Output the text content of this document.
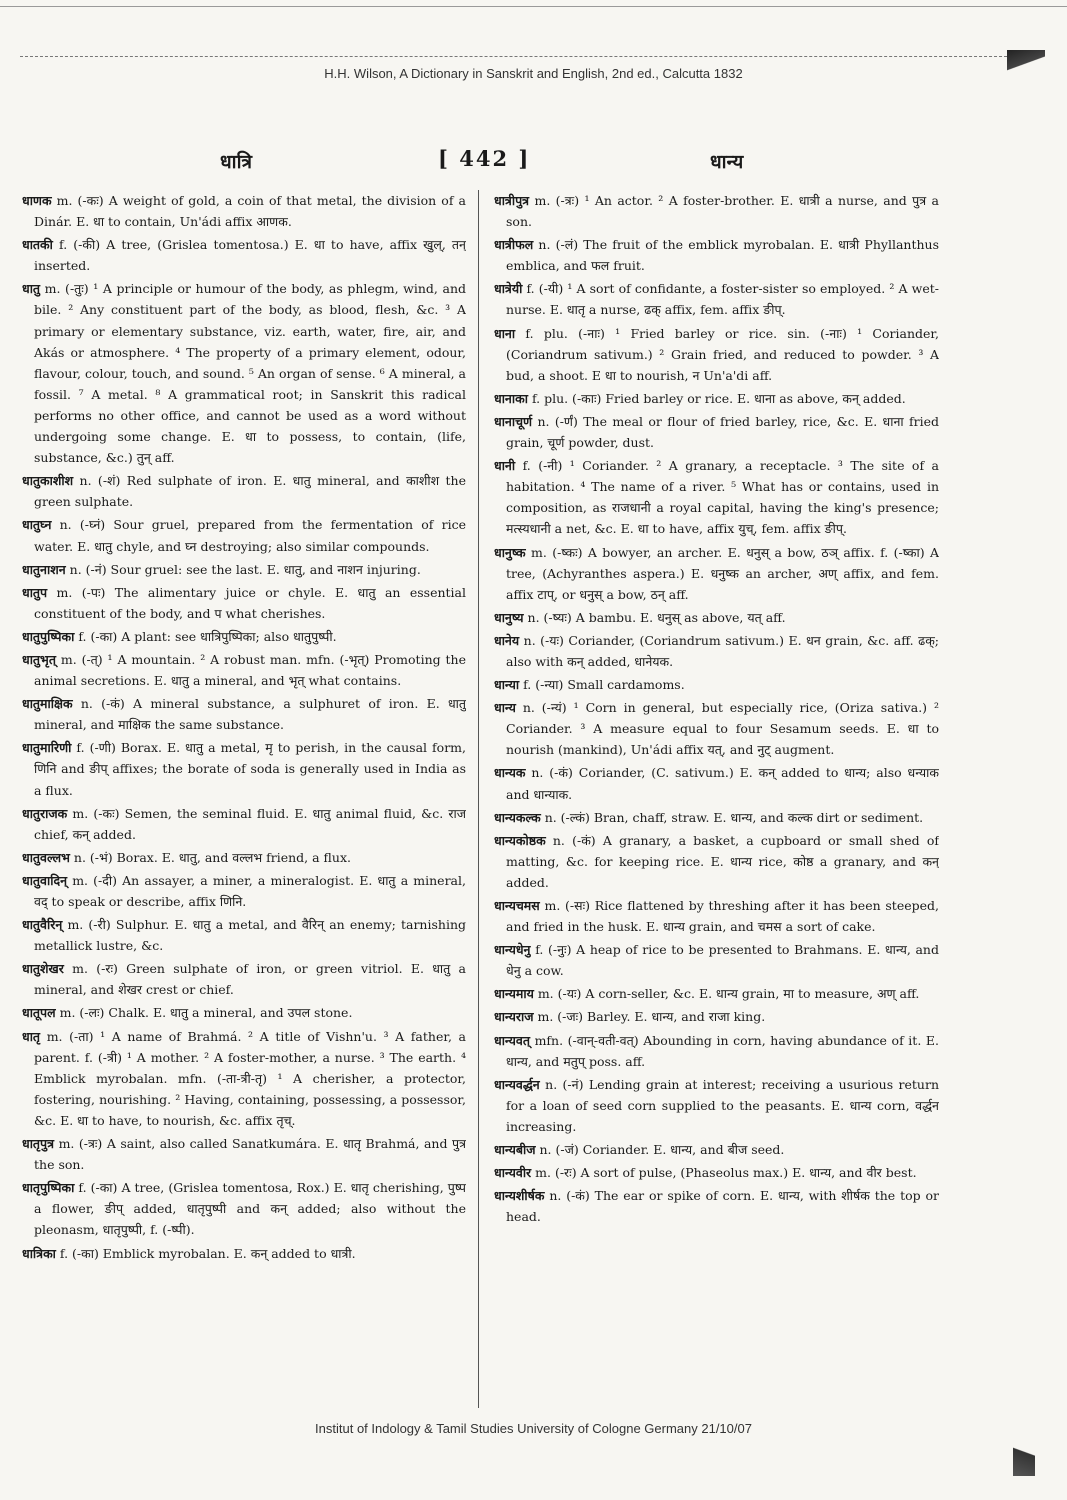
H.H. Wilson, A Dictionary in Sanskrit and English, 2nd ed., Calcutta 1832
धात्रि	[ 442 ]	धान्य

धाणक m. (-कः) A weight of gold, a coin of that metal, the division of a Dinár. E. धा to contain, Un'ádi affix आणक.

धातकी f. (-की) A tree, (Grislea tomentosa.) E. धा to have, affix खुल्, तन् inserted.

धातु m. (-तुः) ¹ A principle or humour of the body, as phlegm, wind, and bile. ² Any constituent part of the body, as blood, flesh, &c. ³ A primary or elementary substance, viz. earth, water, fire, air, and Akás or atmosphere. ⁴ The property of a primary element, odour, flavour, colour, touch, and sound. ⁵ An organ of sense. ⁶ A mineral, a fossil. ⁷ A metal. ⁸ A grammatical root; in Sanskrit this radical performs no other office, and cannot be used as a word without undergoing some change. E. धा to possess, to contain, (life, substance, &c.) तुन् aff.

धातुकाशीश n. (-शं) Red sulphate of iron. E. धातु mineral, and काशीश the green sulphate.

धातुघ्न n. (-घ्नं) Sour gruel, prepared from the fermentation of rice water. E. धातु chyle, and घ्न destroying; also similar compounds.

धातुनाशन n. (-नं) Sour gruel: see the last. E. धातु, and नाशन injuring.

धातुप m. (-पः) The alimentary juice or chyle. E. धातु an essential constituent of the body, and प what cherishes.

धातुपुष्पिका f. (-का) A plant: see धात्रिपुष्पिका; also धातुपुष्पी.

धातुभृत् m. (-त्) ¹ A mountain. ² A robust man. mfn. (-भृत्) Promoting the animal secretions. E. धातु a mineral, and भृत् what contains.

धातुमाक्षिक n. (-कं) A mineral substance, a sulphuret of iron. E. धातु mineral, and माक्षिक the same substance.

धातुमारिणी f. (-णी) Borax. E. धातु a metal, मृ to perish, in the causal form, णिनि and ङीप् affixes; the borate of soda is generally used in India as a flux.

धातुराजक m. (-कः) Semen, the seminal fluid. E. धातु animal fluid, &c. राज chief, कन् added.

धातुवल्लभ n. (-भं) Borax. E. धातु, and वल्लभ friend, a flux.

धातुवादिन् m. (-दी) An assayer, a miner, a mineralogist. E. धातु a mineral, वद् to speak or describe, affix णिनि.

धातुवैरिन् m. (-री) Sulphur. E. धातु a metal, and वैरिन् an enemy; tarnishing metallick lustre, &c.

धातुशेखर m. (-रः) Green sulphate of iron, or green vitriol. E. धातु a mineral, and शेखर crest or chief.

धातूपल m. (-लः) Chalk. E. धातु a mineral, and उपल stone.

धातृ m. (-ता) ¹ A name of Brahmá. ² A title of Vishn'u. ³ A father, a parent. f. (-त्री) ¹ A mother. ² A foster-mother, a nurse. ³ The earth. ⁴ Emblick myrobalan. mfn. (-ता-त्री-तृ) ¹ A cherisher, a protector, fostering, nourishing. ² Having, containing, possessing, a possessor, &c. E. धा to have, to nourish, &c. affix तृच्.

धातृपुत्र m. (-त्रः) A saint, also called Sanatkumára. E. धातृ Brahmá, and पुत्र the son.

धातृपुष्पिका f. (-का) A tree, (Grislea tomentosa, Rox.) E. धातृ cherishing, पुष्प a flower, ङीप् added, धातृपुष्पी and कन् added; also without the pleonasm, धातृपुष्पी, f. (-ष्पी).

धात्रिका f. (-का) Emblick myrobalan. E. कन् added to धात्री.

धात्रीपुत्र m. (-त्रः) ¹ An actor. ² A foster-brother. E. धात्री a nurse, and पुत्र a son.

धात्रीफल n. (-लं) The fruit of the emblick myrobalan. E. धात्री Phyllanthus emblica, and फल fruit.

धात्रेयी f. (-यी) ¹ A sort of confidante, a foster-sister so employed. ² A wet-nurse. E. धातृ a nurse, ढक् affix, fem. affix ङीप्.

धाना f. plu. (-नाः) ¹ Fried barley or rice. sin. (-नाः) ¹ Coriander, (Coriandrum sativum.) ² Grain fried, and reduced to powder. ³ A bud, a shoot. E धा to nourish, न Un'a'di aff.

धानाका f. plu. (-काः) Fried barley or rice. E. धाना as above, कन् added.

धानाचूर्ण n. (-र्णं) The meal or flour of fried barley, rice, &c. E. धाना fried grain, चूर्ण powder, dust.

धानी f. (-नी) ¹ Coriander. ² A granary, a receptacle. ³ The site of a habitation. ⁴ The name of a river. ⁵ What has or contains, used in composition, as राजधानी a royal capital, having the king's presence; मत्स्यधानी a net, &c. E. धा to have, affix युच्, fem. affix ङीप्.

धानुष्क m. (-ष्कः) A bowyer, an archer. E. धनुस् a bow, ठञ् affix. f. (-ष्का) A tree, (Achyranthes aspera.) E. धनुष्क an archer, अण् affix, and fem. affix टाप्, or धनुस् a bow, ठन् aff.

धानुष्य n. (-ष्यः) A bambu. E. धनुस् as above, यत् aff.

धानेय n. (-यः) Coriander, (Coriandrum sativum.) E. धन grain, &c. aff. ढक्; also with कन् added, धानेयक.

धान्या f. (-न्या) Small cardamoms.

धान्य n. (-न्यं) ¹ Corn in general, but especially rice, (Oriza sativa.) ² Coriander. ³ A measure equal to four Sesamum seeds. E. धा to nourish (mankind), Un'ádi affix यत्, and नुट् augment.

धान्यक n. (-कं) Coriander, (C. sativum.) E. कन् added to धान्य; also धन्याक and धान्याक.

धान्यकल्क n. (-ल्कं) Bran, chaff, straw. E. धान्य, and कल्क dirt or sediment.

धान्यकोष्ठक n. (-कं) A granary, a basket, a cupboard or small shed of matting, &c. for keeping rice. E. धान्य rice, कोष्ठ a granary, and कन् added.

धान्यचमस m. (-सः) Rice flattened by threshing after it has been steeped, and fried in the husk. E. धान्य grain, and चमस a sort of cake.

धान्यधेनु f. (-नुः) A heap of rice to be presented to Brahmans. E. धान्य, and धेनु a cow.

धान्यमाय m. (-यः) A corn-seller, &c. E. धान्य grain, मा to measure, अण् aff.

धान्यराज m. (-जः) Barley. E. धान्य, and राजा king.

धान्यवत् mfn. (-वान्-वती-वत्) Abounding in corn, having abundance of it. E. धान्य, and मतुप् poss. aff.

धान्यवर्द्धन n. (-नं) Lending grain at interest; receiving a usurious return for a loan of seed corn supplied to the peasants. E. धान्य corn, वर्द्धन increasing.

धान्यबीज n. (-जं) Coriander. E. धान्य, and बीज seed.

धान्यवीर m. (-रः) A sort of pulse, (Phaseolus max.) E. धान्य, and वीर best.

धान्यशीर्षक n. (-कं) The ear or spike of corn. E. धान्य, with शीर्षक the top or head.

Institut of Indology & Tamil Studies University of Cologne Germany 21/10/07
